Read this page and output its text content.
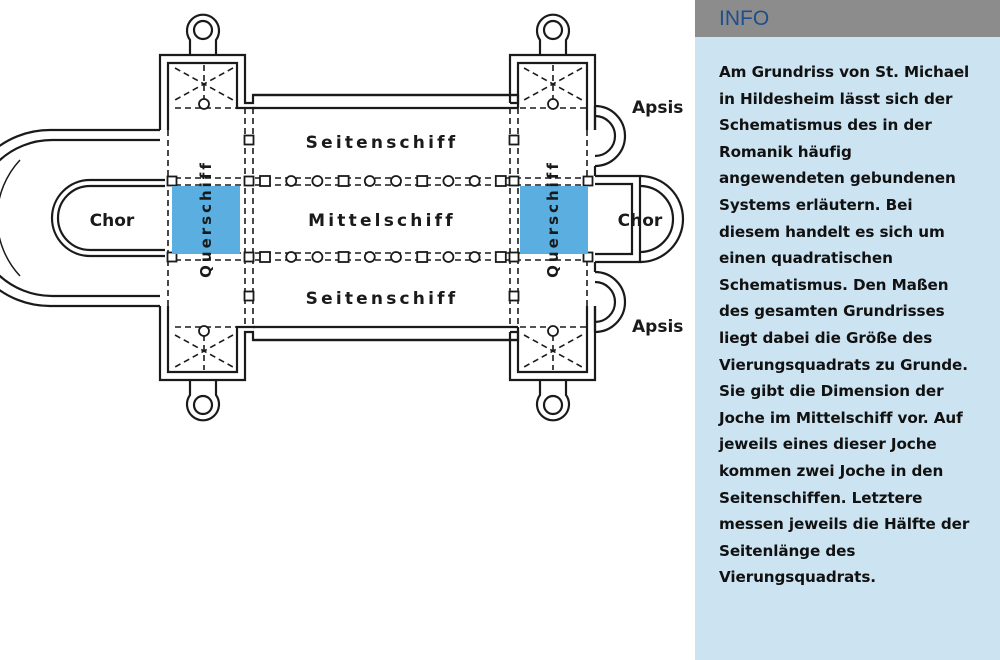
Seitenschiff
Mittelschiff
Seitenschiff
Chor	Chor
Querschiff	Querschiff
Apsis
Apsis
INFO

Am Grundriss von St. Michael in Hildesheim lässt sich der Schematismus des in der Romanik häufig angewendeten gebundenen Systems erläutern. Bei diesem handelt es sich um einen quadratischen Schematismus. Den Maßen des gesamten Grundrisses liegt dabei die Größe des Vierungsquadrats zu Grunde. Sie gibt die Dimension der Joche im Mittelschiff vor. Auf jeweils eines dieser Joche kommen zwei Joche in den Seitenschiffen. Letztere messen jeweils die Hälfte der Seitenlänge des Vierungsquadrats.
